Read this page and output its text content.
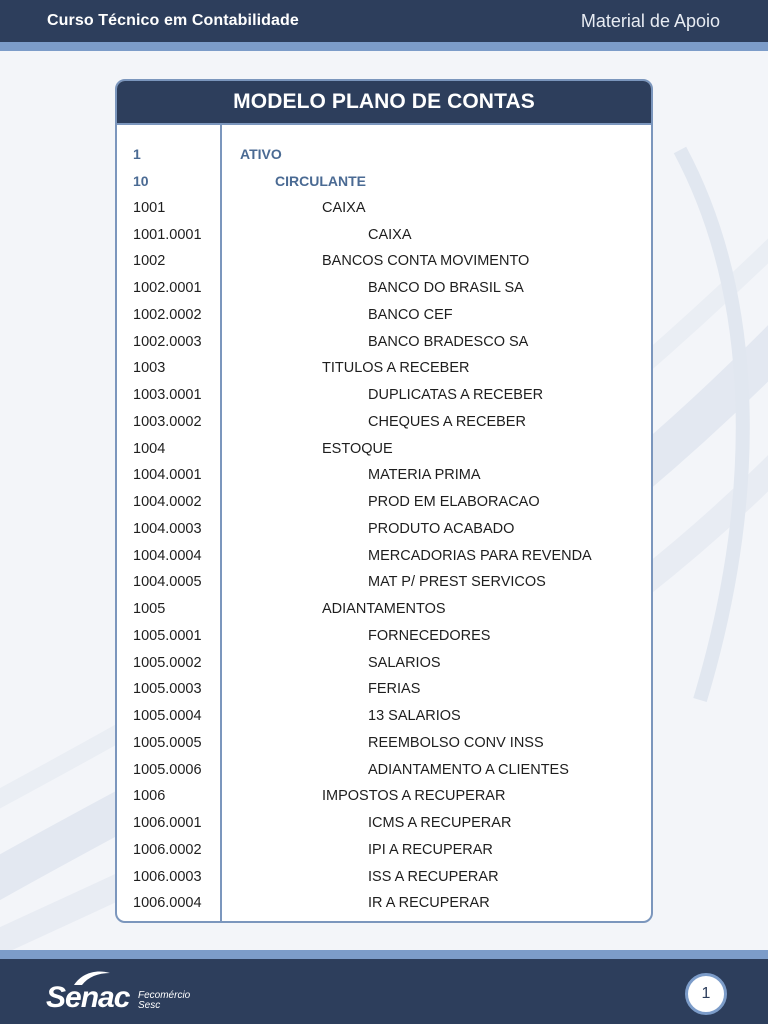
Curso Técnico em Contabilidade	Material de Apoio
MODELO PLANO DE CONTAS
1	ATIVO
10	CIRCULANTE
1001	CAIXA
1001.0001	CAIXA
1002	BANCOS CONTA MOVIMENTO
1002.0001	BANCO DO BRASIL SA
1002.0002	BANCO CEF
1002.0003	BANCO BRADESCO SA
1003	TITULOS A RECEBER
1003.0001	DUPLICATAS A RECEBER
1003.0002	CHEQUES A RECEBER
1004	ESTOQUE
1004.0001	MATERIA PRIMA
1004.0002	PROD EM ELABORACAO
1004.0003	PRODUTO ACABADO
1004.0004	MERCADORIAS PARA REVENDA
1004.0005	MAT P/ PREST SERVICOS
1005	ADIANTAMENTOS
1005.0001	FORNECEDORES
1005.0002	SALARIOS
1005.0003	FERIAS
1005.0004	13 SALARIOS
1005.0005	REEMBOLSO CONV INSS
1005.0006	ADIANTAMENTO A CLIENTES
1006	IMPOSTOS A RECUPERAR
1006.0001	ICMS A RECUPERAR
1006.0002	IPI A RECUPERAR
1006.0003	ISS A RECUPERAR
1006.0004	IR A RECUPERAR
Senac Fecomércio
Sesc
1
